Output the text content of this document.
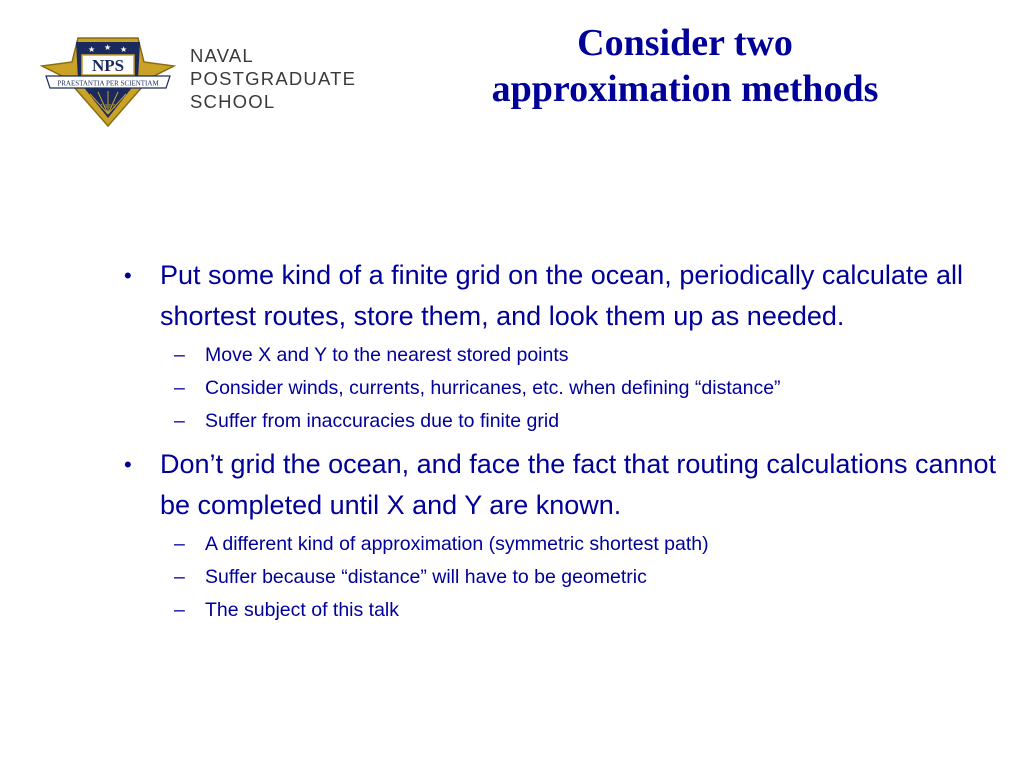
★ ★ ★
NPS
PRAESTANTIA PER SCIENTIAM
1 9 0 9
NAVAL
POSTGRADUATE
SCHOOL
Consider two
approximation methods
• Put some kind of a finite grid on the ocean, periodically calculate all shortest routes, store them, and look them up as needed.
– Move X and Y to the nearest stored points
– Consider winds, currents, hurricanes, etc. when defining “distance”
– Suffer from inaccuracies due to finite grid
• Don’t grid the ocean, and face the fact that routing calculations cannot be completed until X and Y are known.
– A different kind of approximation (symmetric shortest path)
– Suffer because “distance” will have to be geometric
– The subject of this talk
